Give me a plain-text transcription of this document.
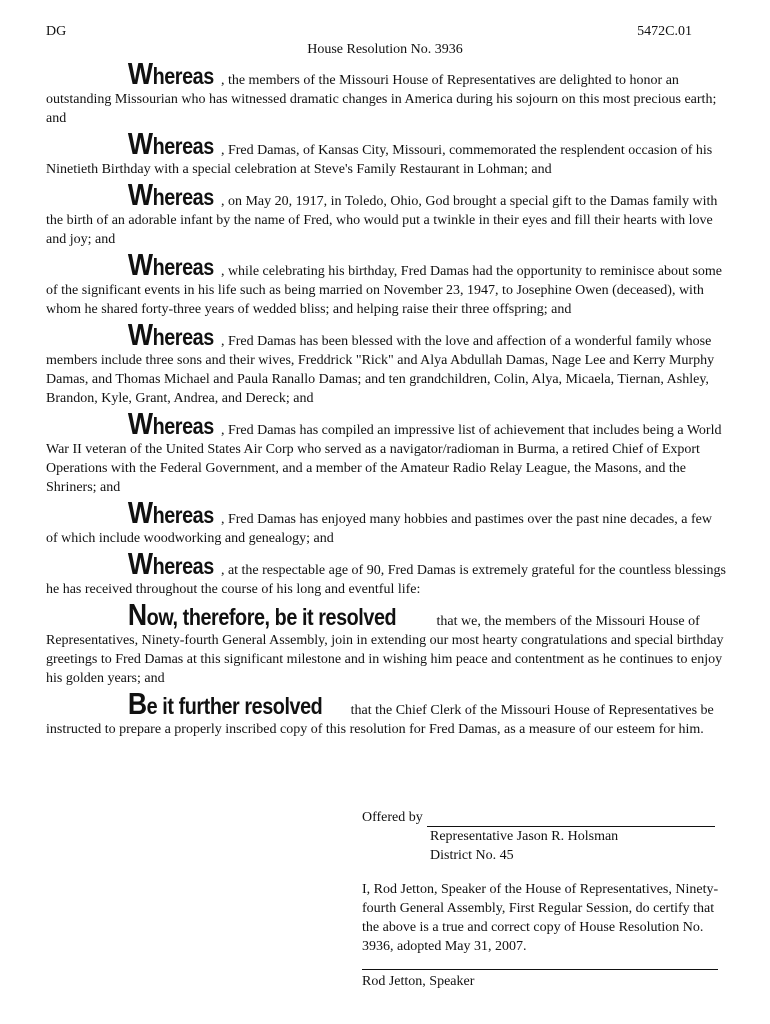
DG	5472C.01
House Resolution No. 3936

Whereas , the members of the Missouri House of Representatives are delighted to honor an outstanding Missourian who has witnessed dramatic changes in America during his sojourn on this most precious earth; and

Whereas , Fred Damas, of Kansas City, Missouri, commemorated the resplendent occasion of his Ninetieth Birthday with a special celebration at Steve's Family Restaurant in Lohman; and

Whereas , on May 20, 1917, in Toledo, Ohio, God brought a special gift to the Damas family with the birth of an adorable infant by the name of Fred, who would put a twinkle in their eyes and fill their hearts with love and joy; and

Whereas , while celebrating his birthday, Fred Damas had the opportunity to reminisce about some of the significant events in his life such as being married on November 23, 1947, to Josephine Owen (deceased), with whom he shared forty-three years of wedded bliss; and helping raise their three offspring; and

Whereas , Fred Damas has been blessed with the love and affection of a wonderful family whose members include three sons and their wives, Freddrick "Rick" and Alya Abdullah Damas, Nage Lee and Kerry Murphy Damas, and Thomas Michael and Paula Ranallo Damas; and ten grandchildren, Colin, Alya, Micaela, Tiernan, Ashley, Brandon, Kyle, Grant, Andrea, and Dereck; and

Whereas , Fred Damas has compiled an impressive list of achievement that includes being a World War II veteran of the United States Air Corp who served as a navigator/radioman in Burma, a retired Chief of Export Operations with the Federal Government, and a member of the Amateur Radio Relay League, the Masons, and the Shriners; and

Whereas , Fred Damas has enjoyed many hobbies and pastimes over the past nine decades, a few of which include woodworking and genealogy; and

Whereas , at the respectable age of 90, Fred Damas is extremely grateful for the countless blessings he has received throughout the course of his long and eventful life:

Now, therefore, be it resolved	that we, the members of the Missouri House of Representatives, Ninety-fourth General Assembly, join in extending our most hearty congratulations and special birthday greetings to Fred Damas at this significant milestone and in wishing him peace and contentment as he continues to enjoy his golden years; and

Be it further resolved that the Chief Clerk of the Missouri House of Representatives be instructed to prepare a properly inscribed copy of this resolution for Fred Damas, as a measure of our esteem for him.

Offered by
Representative Jason R. Holsman
District No. 45
I, Rod Jetton, Speaker of the House of Representatives, Ninety-fourth General Assembly, First Regular Session, do certify that the above is a true and correct copy of House Resolution No. 3936, adopted May 31, 2007.
Rod Jetton, Speaker
